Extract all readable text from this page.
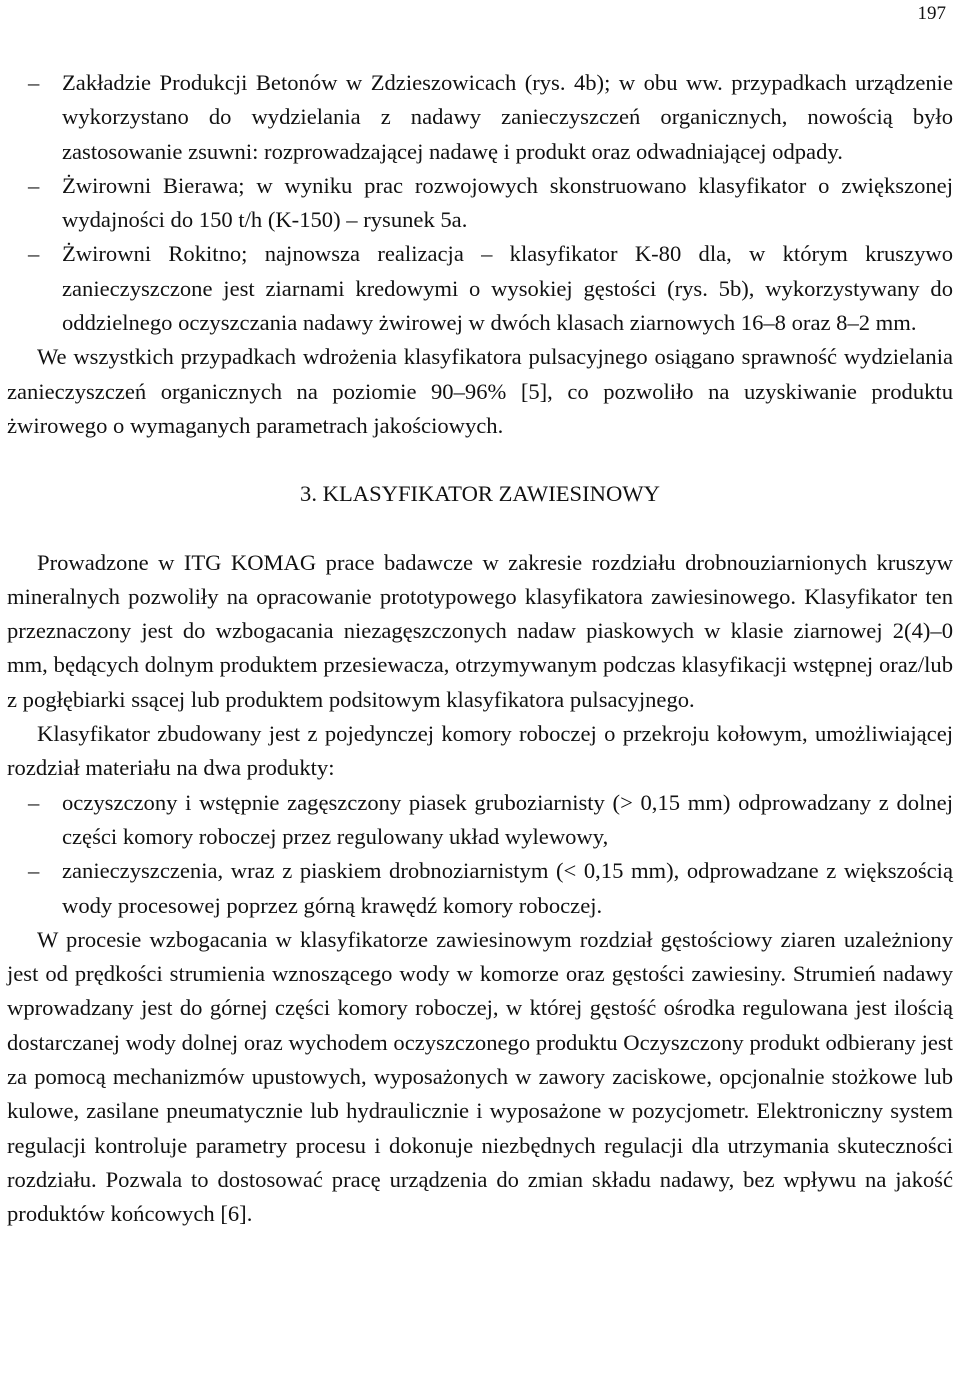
197

– Zakładzie Produkcji Betonów w Zdzieszowicach (rys. 4b); w obu ww. przypadkach urządzenie wykorzystano do wydzielania z nadawy zanieczyszczeń organicznych, nowością było zastosowanie zsuwni: rozprowadzającej nadawę i produkt oraz odwadniającej odpady.

– Żwirowni Bierawa; w wyniku prac rozwojowych skonstruowano klasyfikator o zwiększonej wydajności do 150 t/h (K-150) – rysunek 5a.

– Żwirowni Rokitno; najnowsza realizacja – klasyfikator K-80 dla, w którym kruszywo zanieczyszczone jest ziarnami kredowymi o wysokiej gęstości (rys. 5b), wykorzystywany do oddzielnego oczyszczania nadawy żwirowej w dwóch klasach ziarnowych 16–8 oraz 8–2 mm.

We wszystkich przypadkach wdrożenia klasyfikatora pulsacyjnego osiągano sprawność wydzielania zanieczyszczeń organicznych na poziomie 90–96% [5], co pozwoliło na uzyskiwanie produktu żwirowego o wymaganych parametrach jakościowych.

3. KLASYFIKATOR ZAWIESINOWY

Prowadzone w ITG KOMAG prace badawcze w zakresie rozdziału drobnouziarnionych kruszyw mineralnych pozwoliły na opracowanie prototypowego klasyfikatora zawiesinowego. Klasyfikator ten przeznaczony jest do wzbogacania niezagęszczonych nadaw piaskowych w klasie ziarnowej 2(4)–0 mm, będących dolnym produktem przesiewacza, otrzymywanym podczas klasyfikacji wstępnej oraz/lub z pogłębiarki ssącej lub produktem podsitowym klasyfikatora pulsacyjnego.

Klasyfikator zbudowany jest z pojedynczej komory roboczej o przekroju kołowym, umożliwiającej rozdział materiału na dwa produkty:

– oczyszczony i wstępnie zagęszczony piasek gruboziarnisty (> 0,15 mm) odprowadzany z dolnej części komory roboczej przez regulowany układ wylewowy,

– zanieczyszczenia, wraz z piaskiem drobnoziarnistym (< 0,15 mm), odprowadzane z większością wody procesowej poprzez górną krawędź komory roboczej.

W procesie wzbogacania w klasyfikatorze zawiesinowym rozdział gęstościowy ziaren uzależniony jest od prędkości strumienia wznoszącego wody w komorze oraz gęstości zawiesiny. Strumień nadawy wprowadzany jest do górnej części komory roboczej, w której gęstość ośrodka regulowana jest ilością dostarczanej wody dolnej oraz wychodem oczyszczonego produktu Oczyszczony produkt odbierany jest za pomocą mechanizmów upustowych, wyposażonych w zawory zaciskowe, opcjonalnie stożkowe lub kulowe, zasilane pneumatycznie lub hydraulicznie i wyposażone w pozycjometr. Elektroniczny system regulacji kontroluje parametry procesu i dokonuje niezbędnych regulacji dla utrzymania skuteczności rozdziału. Pozwala to dostosować pracę urządzenia do zmian składu nadawy, bez wpływu na jakość produktów końcowych [6].
